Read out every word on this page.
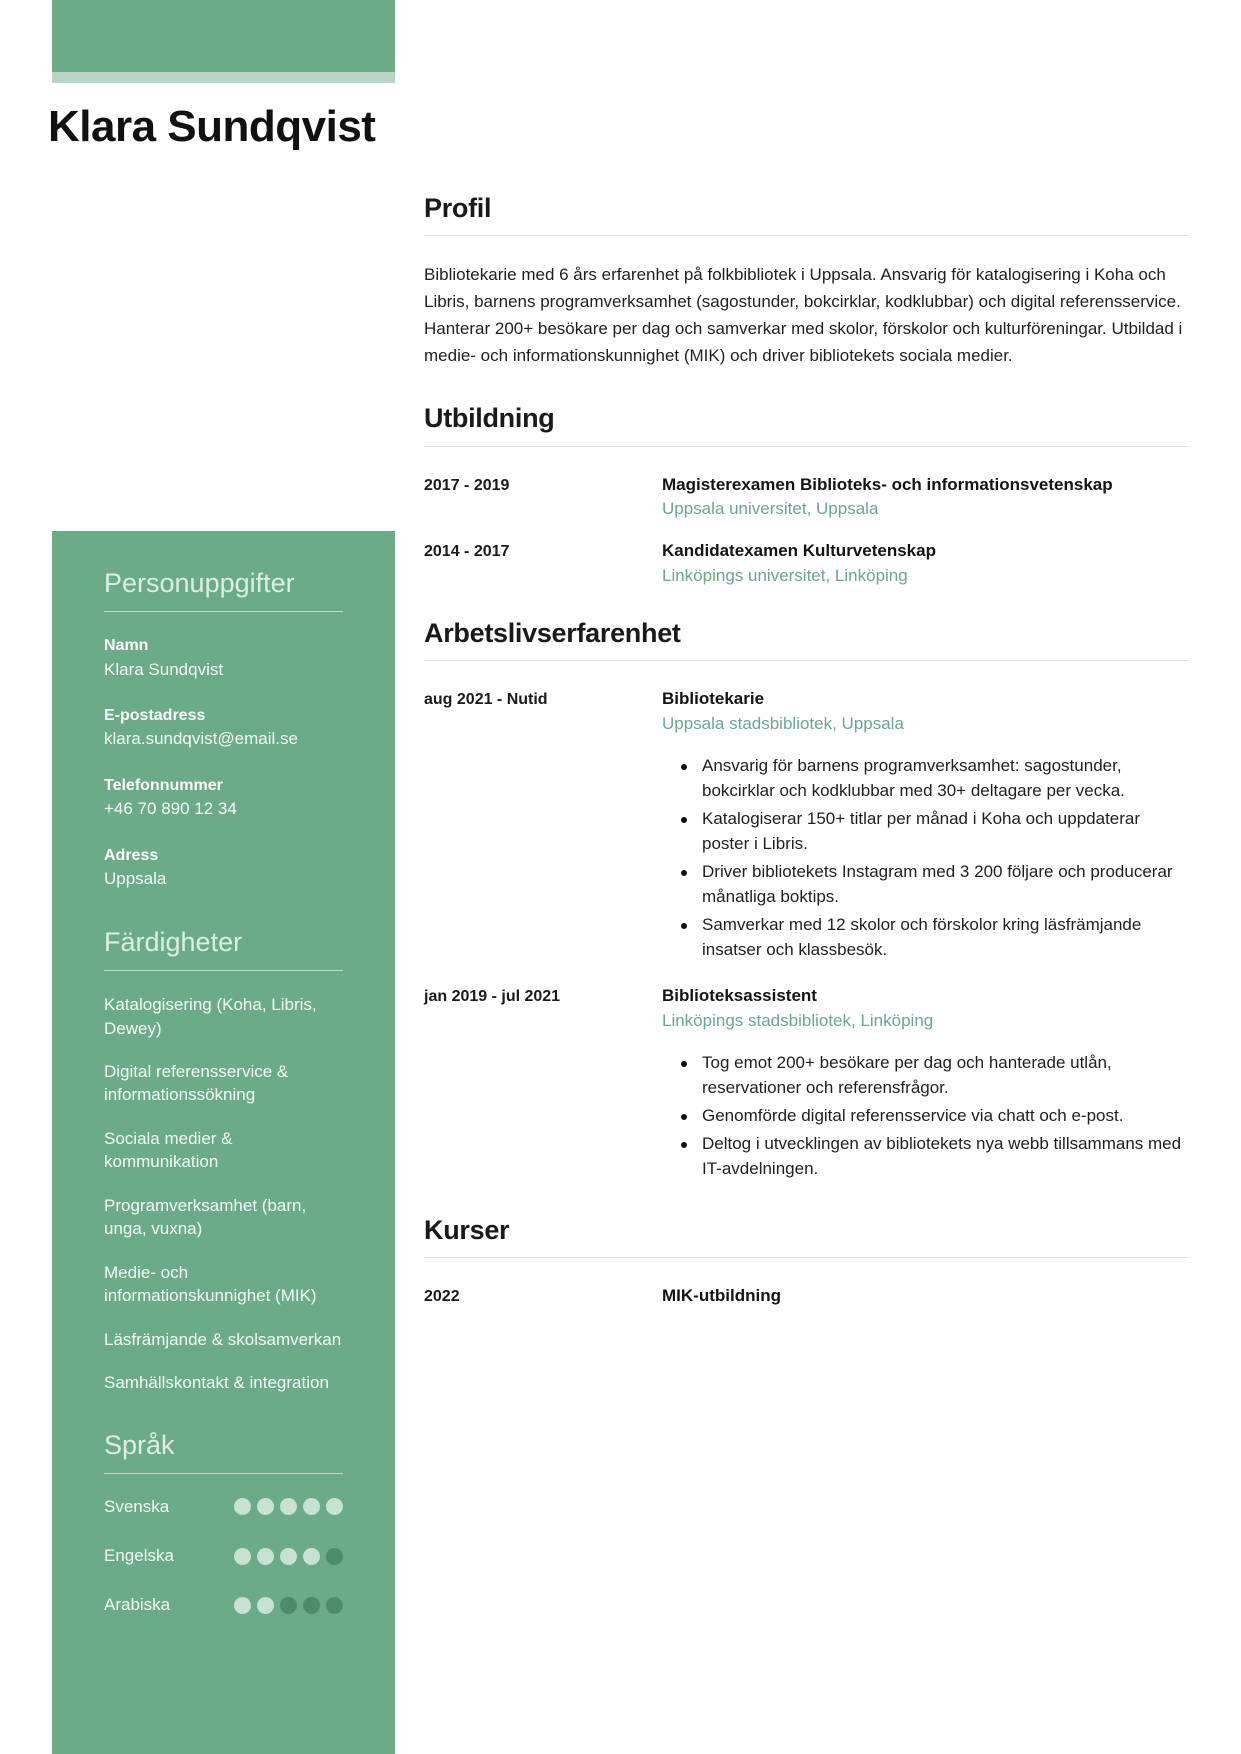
Klara Sundqvist
Personuppgifter
Namn
Klara Sundqvist
E-postadress
klara.sundqvist@email.se
Telefonnummer
+46 70 890 12 34
Adress
Uppsala
Färdigheter
Katalogisering (Koha, Libris, Dewey)
Digital referensservice & informationssökning
Sociala medier & kommunikation
Programverksamhet (barn, unga, vuxna)
Medie- och informationskunnighet (MIK)
Läsfrämjande & skolsamverkan
Samhällskontakt & integration
Språk
Svenska
Engelska
Arabiska
Profil

Bibliotekarie med 6 års erfarenhet på folkbibliotek i Uppsala. Ansvarig för katalogisering i Koha och Libris, barnens programverksamhet (sagostunder, bokcirklar, kodklubbar) och digital referensservice. Hanterar 200+ besökare per dag och samverkar med skolor, förskolor och kulturföreningar. Utbildad i medie- och informationskunnighet (MIK) och driver bibliotekets sociala medier.

Utbildning
2017 - 2019	Magisterexamen Biblioteks- och informationsvetenskap
Uppsala universitet, Uppsala
2014 - 2017	Kandidatexamen Kulturvetenskap
Linköpings universitet, Linköping
Arbetslivserfarenhet
aug 2021 - Nutid	Bibliotekarie
Uppsala stadsbibliotek, Uppsala
Ansvarig för barnens programverksamhet: sagostunder, bokcirklar och kodklubbar med 30+ deltagare per vecka.
Katalogiserar 150+ titlar per månad i Koha och uppdaterar poster i Libris.
Driver bibliotekets Instagram med 3 200 följare och producerar månatliga boktips.
Samverkar med 12 skolor och förskolor kring läsfrämjande insatser och klassbesök.
jan 2019 - jul 2021	Biblioteksassistent
Linköpings stadsbibliotek, Linköping
Tog emot 200+ besökare per dag och hanterade utlån, reservationer och referensfrågor.
Genomförde digital referensservice via chatt och e-post.
Deltog i utvecklingen av bibliotekets nya webb tillsammans med IT-avdelningen.
Kurser
2022	MIK-utbildning
